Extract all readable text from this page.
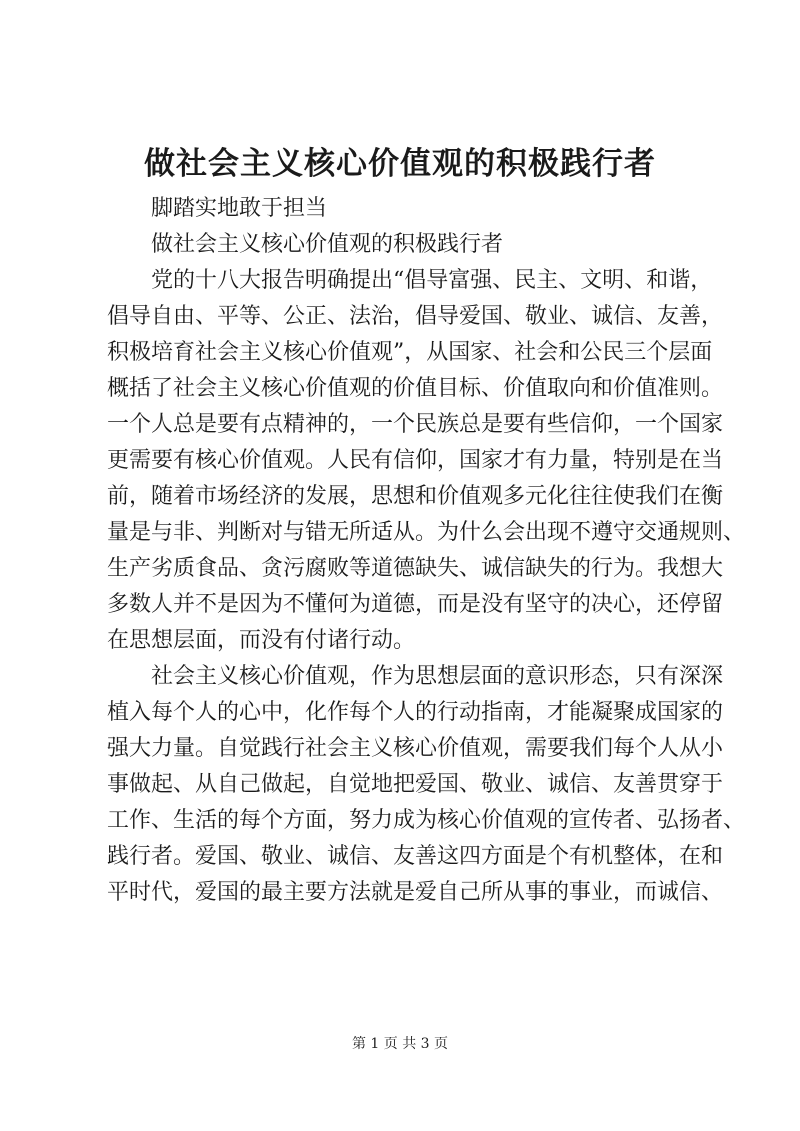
做社会主义核心价值观的积极践行者
脚踏实地敢于担当
做社会主义核心价值观的积极践行者
党的十八大报告明确提出“倡导富强、民主、文明、和谐，
倡导自由、平等、公正、法治，倡导爱国、敬业、诚信、友善，
积极培育社会主义核心价值观”，从国家、社会和公民三个层面
概括了社会主义核心价值观的价值目标、价值取向和价值准则。
一个人总是要有点精神的，一个民族总是要有些信仰，一个国家
更需要有核心价值观。人民有信仰，国家才有力量，特别是在当
前，随着市场经济的发展，思想和价值观多元化往往使我们在衡
量是与非、判断对与错无所适从。为什么会出现不遵守交通规则、
生产劣质食品、贪污腐败等道德缺失、诚信缺失的行为。我想大
多数人并不是因为不懂何为道德，而是没有坚守的决心，还停留
在思想层面，而没有付诸行动。
社会主义核心价值观，作为思想层面的意识形态，只有深深
植入每个人的心中，化作每个人的行动指南，才能凝聚成国家的
强大力量。自觉践行社会主义核心价值观，需要我们每个人从小
事做起、从自己做起，自觉地把爱国、敬业、诚信、友善贯穿于
工作、生活的每个方面，努力成为核心价值观的宣传者、弘扬者、
践行者。爱国、敬业、诚信、友善这四方面是个有机整体，在和
平时代，爱国的最主要方法就是爱自己所从事的事业，而诚信、
第 1 页 共 3 页
